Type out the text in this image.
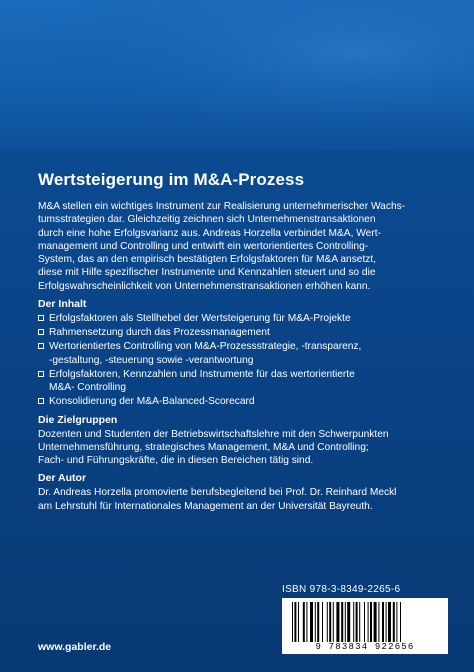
Wertsteigerung im M&A-Prozess

M&A stellen ein wichtiges Instrument zur Realisierung unternehmerischer Wachs-
tumsstrategien dar. Gleichzeitig zeichnen sich Unternehmenstransaktionen
durch eine hohe Erfolgsvarianz aus. Andreas Horzella verbindet M&A, Wert-
management und Controlling und entwirft ein wertorientiertes Controlling-
System, das an den empirisch bestätigten Erfolgsfaktoren für M&A ansetzt,
diese mit Hilfe spezifischer Instrumente und Kennzahlen steuert und so die
Erfolgswahrscheinlichkeit von Unternehmenstransaktionen erhöhen kann.

Der Inhalt
Erfolgsfaktoren als Stellhebel der Wertsteigerung für M&A-Projekte
Rahmensetzung durch das Prozessmanagement
Wertorientiertes Controlling von M&A-Prozessstrategie, -transparenz,
-gestaltung, -steuerung sowie -verantwortung
Erfolgsfaktoren, Kennzahlen und Instrumente für das wertorientierte
M&A- Controlling
Konsolidierung der M&A-Balanced-Scorecard
Die Zielgruppen

Dozenten und Studenten der Betriebswirtschaftslehre mit den Schwerpunkten
Unternehmensführung, strategisches Management, M&A und Controlling;
Fach- und Führungskräfte, die in diesen Bereichen tätig sind.

Der Autor

Dr. Andreas Horzella promovierte berufsbegleitend bei Prof. Dr. Reinhard Meckl
am Lehrstuhl für Internationales Management an der Universität Bayreuth.

ISBN 978-3-8349-2265-6
9 783834 922656
www.gabler.de
